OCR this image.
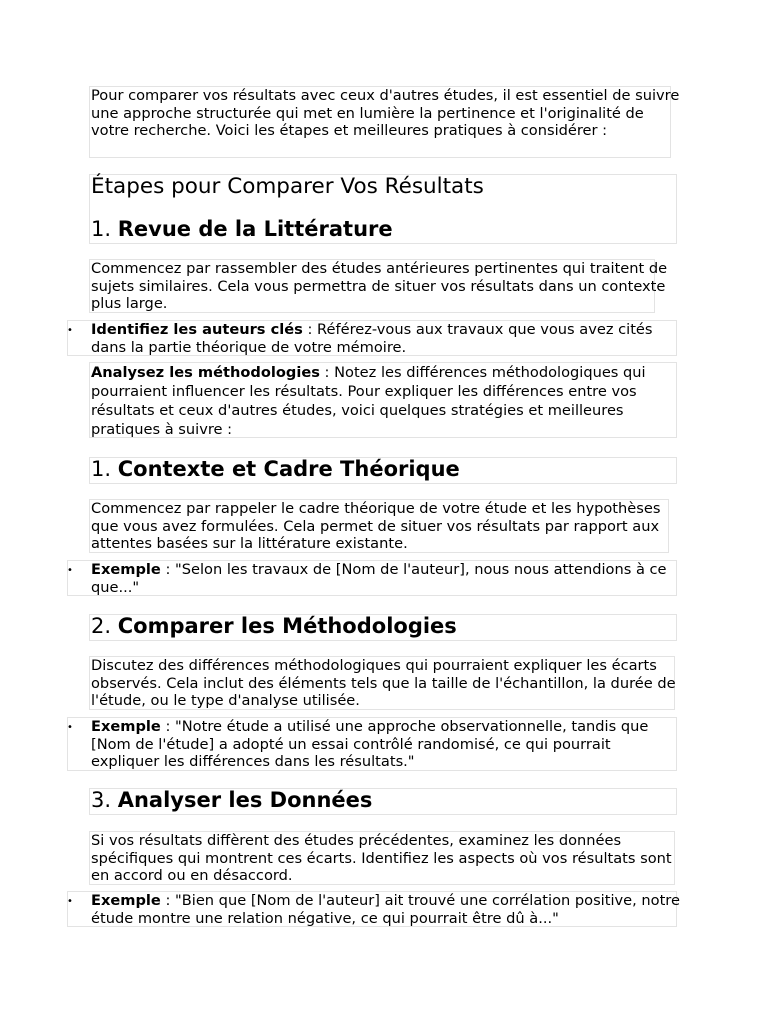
Pour comparer vos résultats avec ceux d'autres études, il est essentiel de suivre une approche structurée qui met en lumière la pertinence et l'originalité de votre recherche. Voici les étapes et meilleures pratiques à considérer :

Étapes pour Comparer Vos Résultats
1. Revue de la Littérature

Commencez par rassembler des études antérieures pertinentes qui traitent de sujets similaires. Cela vous permettra de situer vos résultats dans un contexte plus large.

• Identifiez les auteurs clés : Référez-vous aux travaux que vous avez cités dans la partie théorique de votre mémoire.

Analysez les méthodologies : Notez les différences méthodologiques qui pourraient influencer les résultats. Pour expliquer les différences entre vos résultats et ceux d'autres études, voici quelques stratégies et meilleures pratiques à suivre :

1. Contexte et Cadre Théorique

Commencez par rappeler le cadre théorique de votre étude et les hypothèses que vous avez formulées. Cela permet de situer vos résultats par rapport aux attentes basées sur la littérature existante.

• Exemple : "Selon les travaux de [Nom de l'auteur], nous nous attendions à ce que..."

2. Comparer les Méthodologies

Discutez des différences méthodologiques qui pourraient expliquer les écarts observés. Cela inclut des éléments tels que la taille de l'échantillon, la durée de l'étude, ou le type d'analyse utilisée.

• Exemple : "Notre étude a utilisé une approche observationnelle, tandis que [Nom de l'étude] a adopté un essai contrôlé randomisé, ce qui pourrait expliquer les différences dans les résultats."

3. Analyser les Données

Si vos résultats diffèrent des études précédentes, examinez les données spécifiques qui montrent ces écarts. Identifiez les aspects où vos résultats sont en accord ou en désaccord.

• Exemple : "Bien que [Nom de l'auteur] ait trouvé une corrélation positive, notre étude montre une relation négative, ce qui pourrait être dû à..."
